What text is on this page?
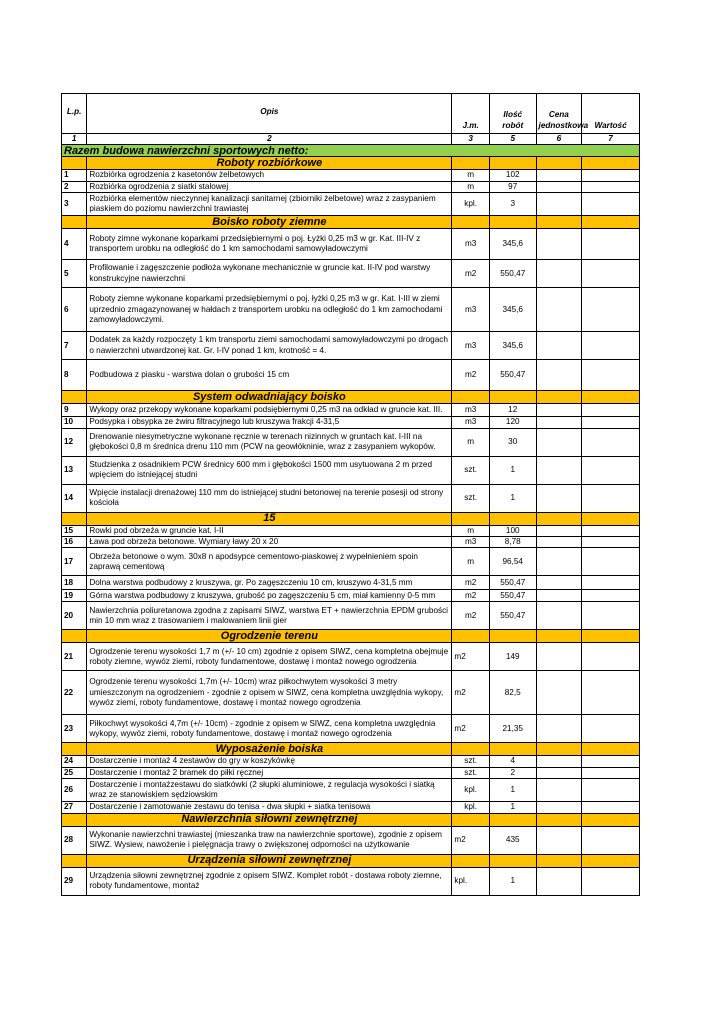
L.p.	Opis	J.m.	Ilość robót	Cena jednostkowa	Wartość
1	2	3	5	6	7
Razem budowa nawierzchni sportowych netto:					
	Roboty rozbiórkowe				
1	Rozbiórka ogrodzenia z kasetonów żelbetowych	m	102		
2	Rozbiórka ogrodzenia z siatki stalowej	m	97		
3	Rozbiórka elementów nieczynnej kanalizacji sanitarnej (zbiorniki żelbetowe) wraz z zasypaniem piaskiem do poziomu nawierzchni trawiastej	kpl.	3		
	Boisko roboty ziemne				
4	Roboty zimne wykonane koparkami przedsiębiernymi o poj. Łyżki 0,25 m3 w gr. Kat. III-IV z transportem urobku na odległość do 1 km samochodami samowyładowczymi	m3	345,6		
5	Profilowanie i zagęszczenie podłoża wykonane mechanicznie w gruncie kat. II-IV pod warstwy konstrukcyjne nawierzchni	m2	550,47		
6	Roboty ziemne wykonane koparkami przedsiębiernymi o poj. łyżki 0,25 m3 w gr. Kat. I-III w ziemi uprzednio zmagazynowanej w hałdach z transportem urobku na odległość do 1 km zamochodami zamowyładowczymi.	m3	345,6		
7	Dodatek za każdy rozpoczęty 1 km transportu ziemi samochodami samowyładowczymi po drogach o nawierzchni utwardzonej kat. Gr. I-IV ponad 1 km, krotność = 4.	m3	345,6		
8	Podbudowa z piasku - warstwa dolan o grubości 15 cm	m2	550,47		
	System odwadniający boisko				
9	Wykopy oraz przekopy wykonane koparkami podsiębiernymi 0,25 m3 na odkład w gruncie kat. III.	m3	12		
10	Podsypka i obsypka ze żwiru filtracyjnego lub kruszywa frakcji 4-31,5	m3	120		
12	Drenowanie niesymetryczne wykonane ręcznie w terenach nizinnych w gruntach kat. I-III na głębokości 0,8 m średnica drenu 110 mm (PCW na geowłókninie, wraz z zasypaniem wykopów.	m	30		
13	Studzienka z osadnikiem PCW średnicy 600 mm i głębokości 1500 mm usytuowana 2 m przed wpięciem do istniejącej studni	szt.	1		
14	Wpięcie instalacji drenażowej 110 mm do istniejącej studni betonowej na terenie posesji od strony kościoła	szt.	1		
	15				
15	Rowki pod obrzeża w gruncie kat. I-II	m	100		
16	Ława pod obrzeża betonowe. Wymiary ławy 20 x 20	m3	8,78		
17	Obrzeża betonowe o wym. 30x8 n apodsypce cementowo-piaskowej z wypełnieniem spoin zaprawą cementową	m	96,54		
18	Dolna warstwa podbudowy z kruszywa, gr. Po zagęszczeniu 10 cm, kruszywo 4-31,5 mm	m2	550,47		
19	Górna warstwa podbudowy z kruszywa, grubość po zagęszczeniu 5 cm, miał kamienny 0-5 mm	m2	550,47		
20	Nawierzchnia poliuretanowa zgodna z zapisami SIWZ, warstwa ET + nawierzchnia EPDM grubości min 10 mm wraz z trasowaniem i malowaniem linii gier	m2	550,47		
	Ogrodzenie terenu				
21	Ogrodzenie terenu wysokości 1,7 m (+/- 10 cm) zgodnie z opisem SIWZ, cena kompletna obejmuje roboty ziemne, wywóz ziemi, roboty fundamentowe, dostawę i montaż nowego ogrodzenia	m2	149		
22	Ogrodzenie terenu wysokości 1,7m (+/- 10cm) wraz piłkochwytem wysokości 3 metry umieszczonym na ogrodzeniem - zgodnie z opisem w SIWZ, cena kompletna uwzględnia wykopy, wywóz ziemi, roboty fundamentowe, dostawę i montaż nowego ogrodzenia	m2	82,5		
23	Piłkochwyt wysokości 4,7m (+/- 10cm) - zgodnie z opisem w SIWZ, cena kompletna uwzględnia wykopy, wywóz ziemi, roboty fundamentowe, dostawę i montaż nowego ogrodzenia	m2	21,35		
	Wyposażenie boiska				
24	Dostarczenie i montaż 4 zestawów do gry w koszykówkę	szt.	4		
25	Dostarczenie i montaż 2 bramek do piłki ręcznej	szt.	2		
26	Dostarczenie i montażzestawu do siatkówki (2 słupki aluminiowe, z regulacja wysokości i siatką wraz ze stanowiskiem sędziowskim	kpl.	1		
27	Dostarczenie i zamotowanie zestawu do tenisa - dwa słupki + siatka tenisowa	kpl.	1		
	Nawierzchnia siłowni zewnętrznej				
28	Wykonanie nawierzchni trawiastej (mieszanka traw na nawierzchnie sportowe), zgodnie z opisem SIWZ. Wysiew, nawożenie i pielęgnacja trawy o zwiększonej odporności na użytkowanie	m2	435		
	Urządzenia siłowni zewnętrznej				
29	Urządzenia siłowni zewnętrznej zgodnie z opisem SIWZ. Komplet robót - dostawa roboty ziemne, roboty fundamentowe, montaż	kpl.	1		
